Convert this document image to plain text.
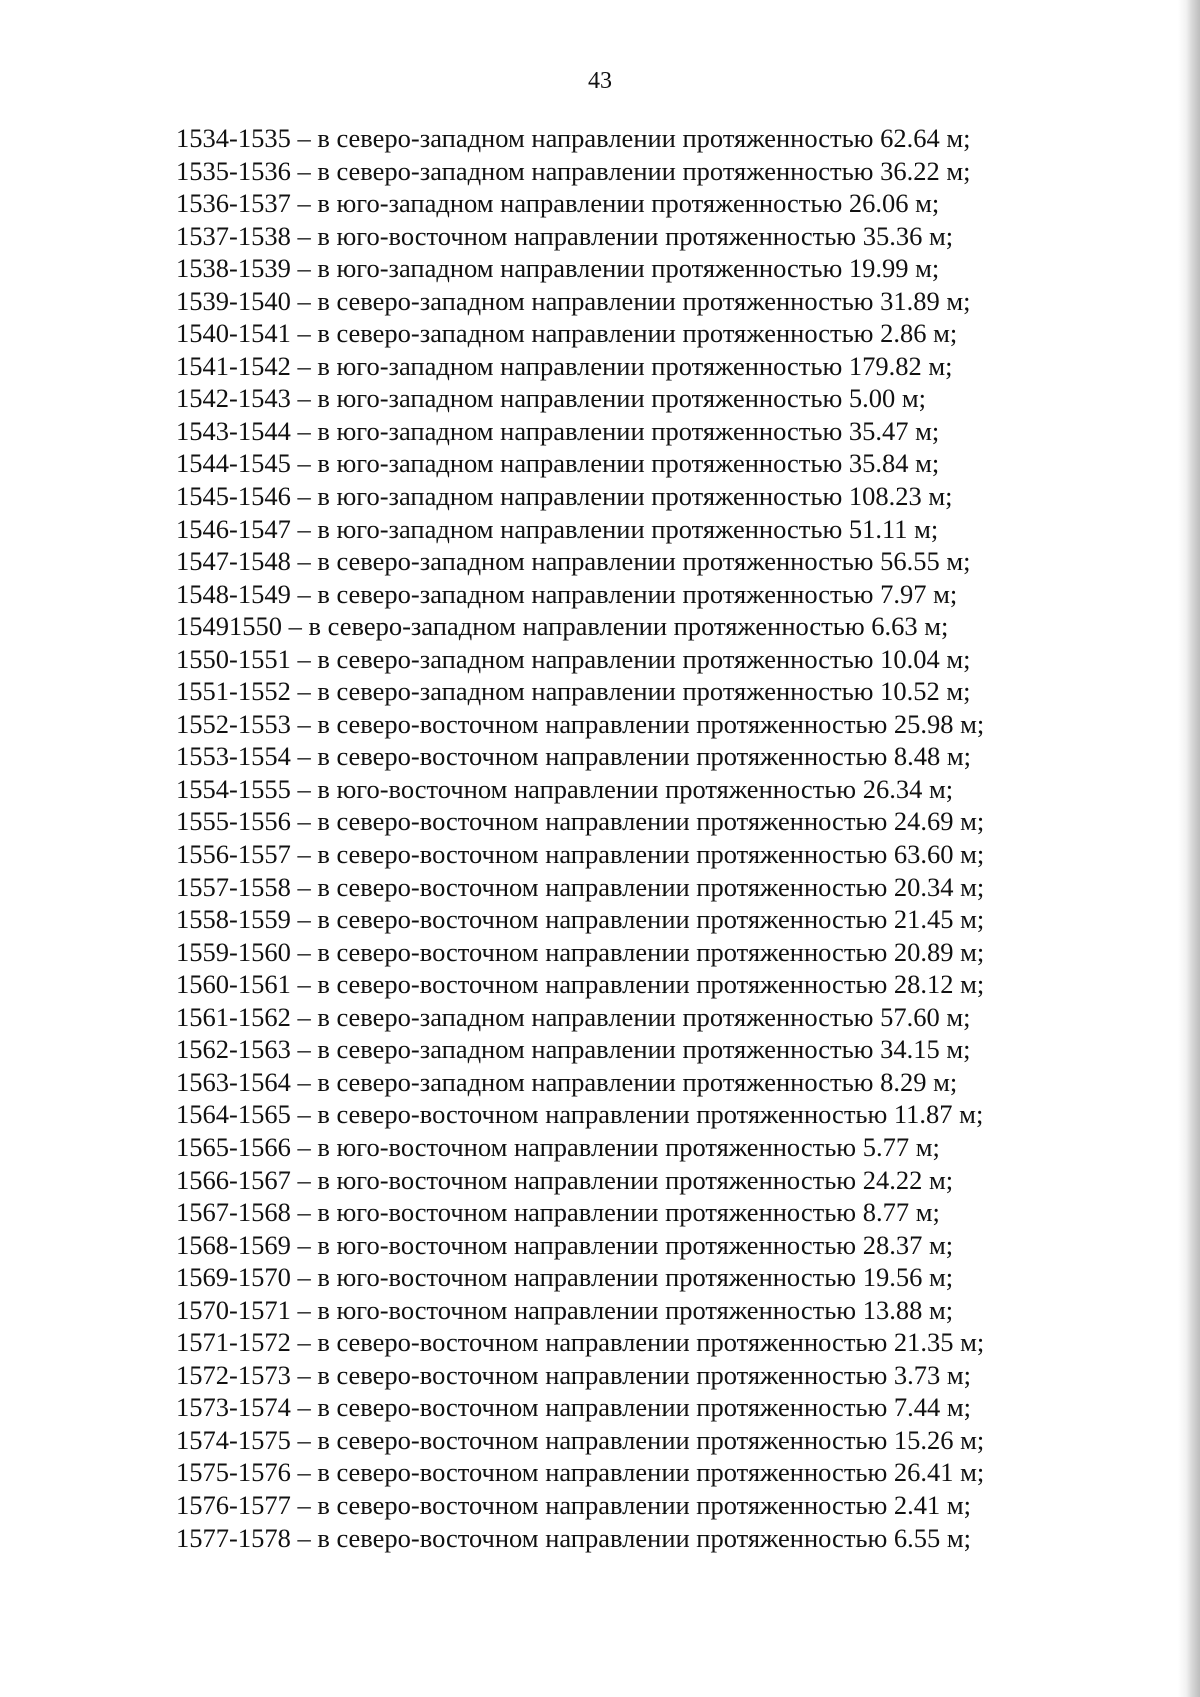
43
1534-1535 – в северо-западном направлении протяженностью 62.64 м;
1535-1536 – в северо-западном направлении протяженностью 36.22 м;
1536-1537 – в юго-западном направлении протяженностью 26.06 м;
1537-1538 – в юго-восточном направлении протяженностью 35.36 м;
1538-1539 – в юго-западном направлении протяженностью 19.99 м;
1539-1540 – в северо-западном направлении протяженностью 31.89 м;
1540-1541 – в северо-западном направлении протяженностью 2.86 м;
1541-1542 – в юго-западном направлении протяженностью 179.82 м;
1542-1543 – в юго-западном направлении протяженностью 5.00 м;
1543-1544 – в юго-западном направлении протяженностью 35.47 м;
1544-1545 – в юго-западном направлении протяженностью 35.84 м;
1545-1546 – в юго-западном направлении протяженностью 108.23 м;
1546-1547 – в юго-западном направлении протяженностью 51.11 м;
1547-1548 – в северо-западном направлении протяженностью 56.55 м;
1548-1549 – в северо-западном направлении протяженностью 7.97 м;
15491550 – в северо-западном направлении протяженностью 6.63 м;
1550-1551 – в северо-западном направлении протяженностью 10.04 м;
1551-1552 – в северо-западном направлении протяженностью 10.52 м;
1552-1553 – в северо-восточном направлении протяженностью 25.98 м;
1553-1554 – в северо-восточном направлении протяженностью 8.48 м;
1554-1555 – в юго-восточном направлении протяженностью 26.34 м;
1555-1556 – в северо-восточном направлении протяженностью 24.69 м;
1556-1557 – в северо-восточном направлении протяженностью 63.60 м;
1557-1558 – в северо-восточном направлении протяженностью 20.34 м;
1558-1559 – в северо-восточном направлении протяженностью 21.45 м;
1559-1560 – в северо-восточном направлении протяженностью 20.89 м;
1560-1561 – в северо-восточном направлении протяженностью 28.12 м;
1561-1562 – в северо-западном направлении протяженностью 57.60 м;
1562-1563 – в северо-западном направлении протяженностью 34.15 м;
1563-1564 – в северо-западном направлении протяженностью 8.29 м;
1564-1565 – в северо-восточном направлении протяженностью 11.87 м;
1565-1566 – в юго-восточном направлении протяженностью 5.77 м;
1566-1567 – в юго-восточном направлении протяженностью 24.22 м;
1567-1568 – в юго-восточном направлении протяженностью 8.77 м;
1568-1569 – в юго-восточном направлении протяженностью 28.37 м;
1569-1570 – в юго-восточном направлении протяженностью 19.56 м;
1570-1571 – в юго-восточном направлении протяженностью 13.88 м;
1571-1572 – в северо-восточном направлении протяженностью 21.35 м;
1572-1573 – в северо-восточном направлении протяженностью 3.73 м;
1573-1574 – в северо-восточном направлении протяженностью 7.44 м;
1574-1575 – в северо-восточном направлении протяженностью 15.26 м;
1575-1576 – в северо-восточном направлении протяженностью 26.41 м;
1576-1577 – в северо-восточном направлении протяженностью 2.41 м;
1577-1578 – в северо-восточном направлении протяженностью 6.55 м;
